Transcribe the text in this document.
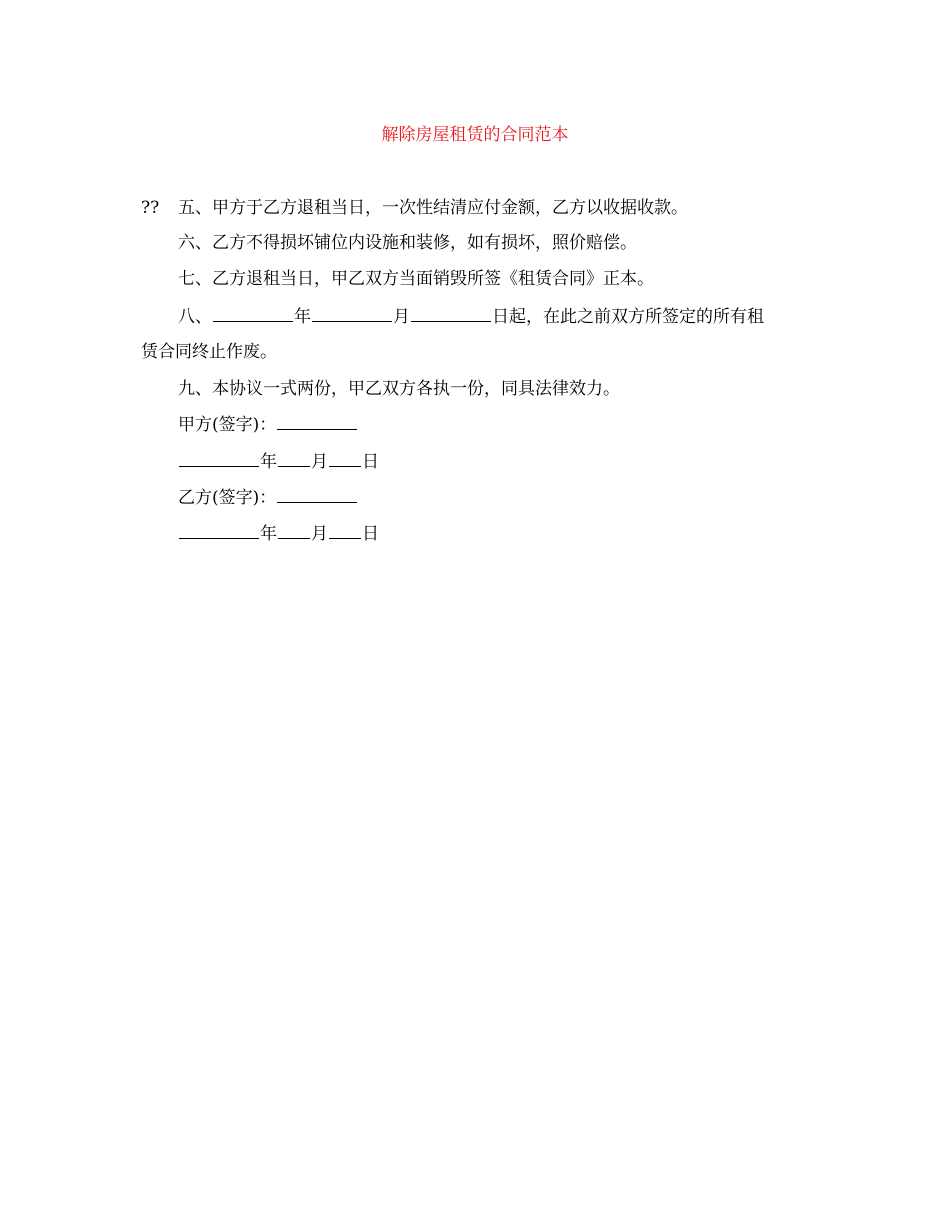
解除房屋租赁的合同范本
?? 五、甲方于乙方退租当日，一次性结清应付金额，乙方以收据收款。
六、乙方不得损坏铺位内设施和装修，如有损坏，照价赔偿。
七、乙方退租当日，甲乙双方当面销毁所签《租赁合同》正本。
八、	年	月	日起，在此之前双方所签定的所有租
赁合同终止作废。
九、本协议一式两份，甲乙双方各执一份，同具法律效力。
甲方(签字)：
年 月 日
乙方(签字)：
年 月 日
